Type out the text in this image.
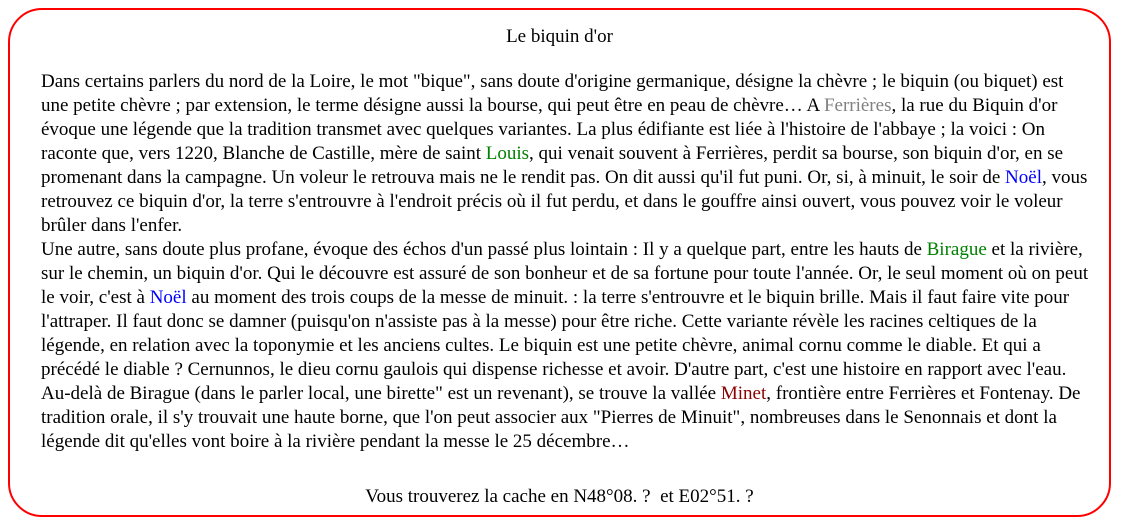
Le biquin d'or

Dans certains parlers du nord de la Loire, le mot "bique", sans doute d'origine germanique, désigne la chèvre ; le biquin (ou biquet) est une petite chèvre ; par extension, le terme désigne aussi la bourse, qui peut être en peau de chèvre… A Ferrières, la rue du Biquin d'or évoque une légende que la tradition transmet avec quelques variantes. La plus édifiante est liée à l'histoire de l'abbaye ; la voici : On raconte que, vers 1220, Blanche de Castille, mère de saint Louis, qui venait souvent à Ferrières, perdit sa bourse, son biquin d'or, en se promenant dans la campagne. Un voleur le retrouva mais ne le rendit pas. On dit aussi qu'il fut puni. Or, si, à minuit, le soir de Noël, vous retrouvez ce biquin d'or, la terre s'entrouvre à l'endroit précis où il fut perdu, et dans le gouffre ainsi ouvert, vous pouvez voir le voleur brûler dans l'enfer.

Une autre, sans doute plus profane, évoque des échos d'un passé plus lointain : Il y a quelque part, entre les hauts de Birague et la rivière, sur le chemin, un biquin d'or. Qui le découvre est assuré de son bonheur et de sa fortune pour toute l'année. Or, le seul moment où on peut le voir, c'est à Noël au moment des trois coups de la messe de minuit. : la terre s'entrouvre et le biquin brille. Mais il faut faire vite pour l'attraper. Il faut donc se damner (puisqu'on n'assiste pas à la messe) pour être riche. Cette variante révèle les racines celtiques de la légende, en relation avec la toponymie et les anciens cultes. Le biquin est une petite chèvre, animal cornu comme le diable. Et qui a précédé le diable ? Cernunnos, le dieu cornu gaulois qui dispense richesse et avoir. D'autre part, c'est une histoire en rapport avec l'eau. Au-delà de Birague (dans le parler local, une birette" est un revenant), se trouve la vallée Minet, frontière entre Ferrières et Fontenay. De tradition orale, il s'y trouvait une haute borne, que l'on peut associer aux "Pierres de Minuit", nombreuses dans le Senonnais et dont la légende dit qu'elles vont boire à la rivière pendant la messe le 25 décembre…

Vous trouverez la cache en N48°08. ?  et E02°51. ?
